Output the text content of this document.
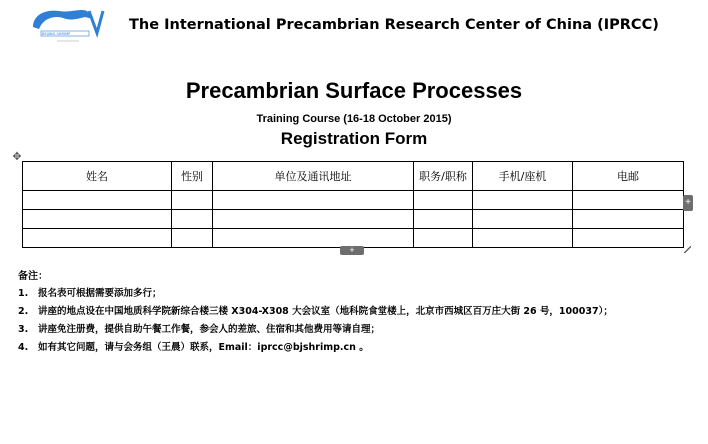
BEIJING SHRIMP
The International Precambrian Research Center of China (IPRCC)
Precambrian Surface Processes
Training Course (16-18 October 2015)
Registration Form
✥
姓名	性别	单位及通讯地址	职务/职称	手机/座机	电邮

+
+
备注：
1. 报名表可根据需要添加多行；
2. 讲座的地点设在中国地质科学院新综合楼三楼 X304-X308 大会议室（地科院食堂楼上，北京市西城区百万庄大街 26 号，100037）；
3. 讲座免注册费，提供自助午餐工作餐，参会人的差旅、住宿和其他费用等请自理；
4. 如有其它问题，请与会务组（王晨）联系，Email：iprcc@bjshrimp.cn 。
